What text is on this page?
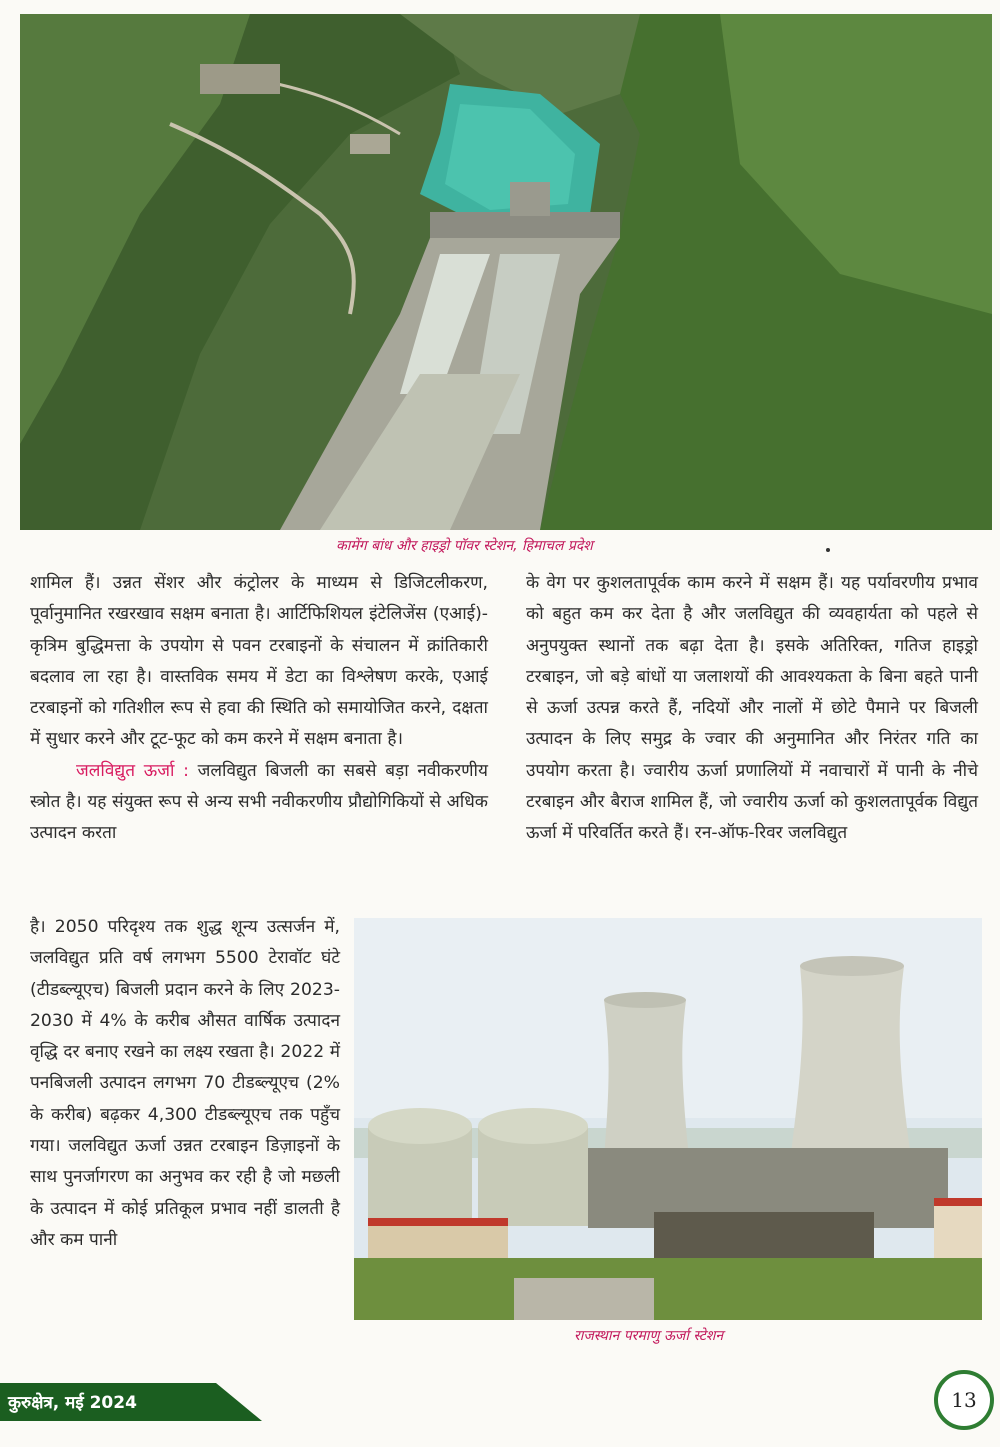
कामेंग बांध और हाइड्रो पॉवर स्टेशन, हिमाचल प्रदेश

शामिल हैं। उन्नत सेंशर और कंट्रोलर के माध्यम से डिजिटलीकरण, पूर्वानुमानित रखरखाव सक्षम बनाता है। आर्टिफिशियल इंटेलिजेंस (एआई)-कृत्रिम बुद्धिमत्ता के उपयोग से पवन टरबाइनों के संचालन में क्रांतिकारी बदलाव ला रहा है। वास्तविक समय में डेटा का विश्लेषण करके, एआई टरबाइनों को गतिशील रूप से हवा की स्थिति को समायोजित करने, दक्षता में सुधार करने और टूट-फूट को कम करने में सक्षम बनाता है।

जलविद्युत ऊर्जा : जलविद्युत बिजली का सबसे बड़ा नवीकरणीय स्त्रोत है। यह संयुक्त रूप से अन्य सभी नवीकरणीय प्रौद्योगिकियों से अधिक उत्पादन करता

है। 2050 परिदृश्य तक शुद्ध शून्य उत्सर्जन में, जलविद्युत प्रति वर्ष लगभग 5500 टेरावॉट घंटे (टीडब्ल्यूएच) बिजली प्रदान करने के लिए 2023-2030 में 4% के करीब औसत वार्षिक उत्पादन वृद्धि दर बनाए रखने का लक्ष्य रखता है। 2022 में पनबिजली उत्पादन लगभग 70 टीडब्ल्यूएच (2% के करीब) बढ़कर 4,300 टीडब्ल्यूएच तक पहुँच गया। जलविद्युत ऊर्जा उन्नत टरबाइन डिज़ाइनों के साथ पुनर्जागरण का अनुभव कर रही है जो मछली के उत्पादन में कोई प्रतिकूल प्रभाव नहीं डालती है और कम पानी

के वेग पर कुशलतापूर्वक काम करने में सक्षम हैं। यह पर्यावरणीय प्रभाव को बहुत कम कर देता है और जलविद्युत की व्यवहार्यता को पहले से अनुपयुक्त स्थानों तक बढ़ा देता है। इसके अतिरिक्त, गतिज हाइड्रो टरबाइन, जो बड़े बांधों या जलाशयों की आवश्यकता के बिना बहते पानी से ऊर्जा उत्पन्न करते हैं, नदियों और नालों में छोटे पैमाने पर बिजली उत्पादन के लिए समुद्र के ज्वार की अनुमानित और निरंतर गति का उपयोग करता है। ज्वारीय ऊर्जा प्रणालियों में नवाचारों में पानी के नीचे टरबाइन और बैराज शामिल हैं, जो ज्वारीय ऊर्जा को कुशलतापूर्वक विद्युत ऊर्जा में परिवर्तित करते हैं। रन-ऑफ-रिवर जलविद्युत

राजस्थान परमाणु ऊर्जा स्टेशन
कुरुक्षेत्र, मई 2024	13
